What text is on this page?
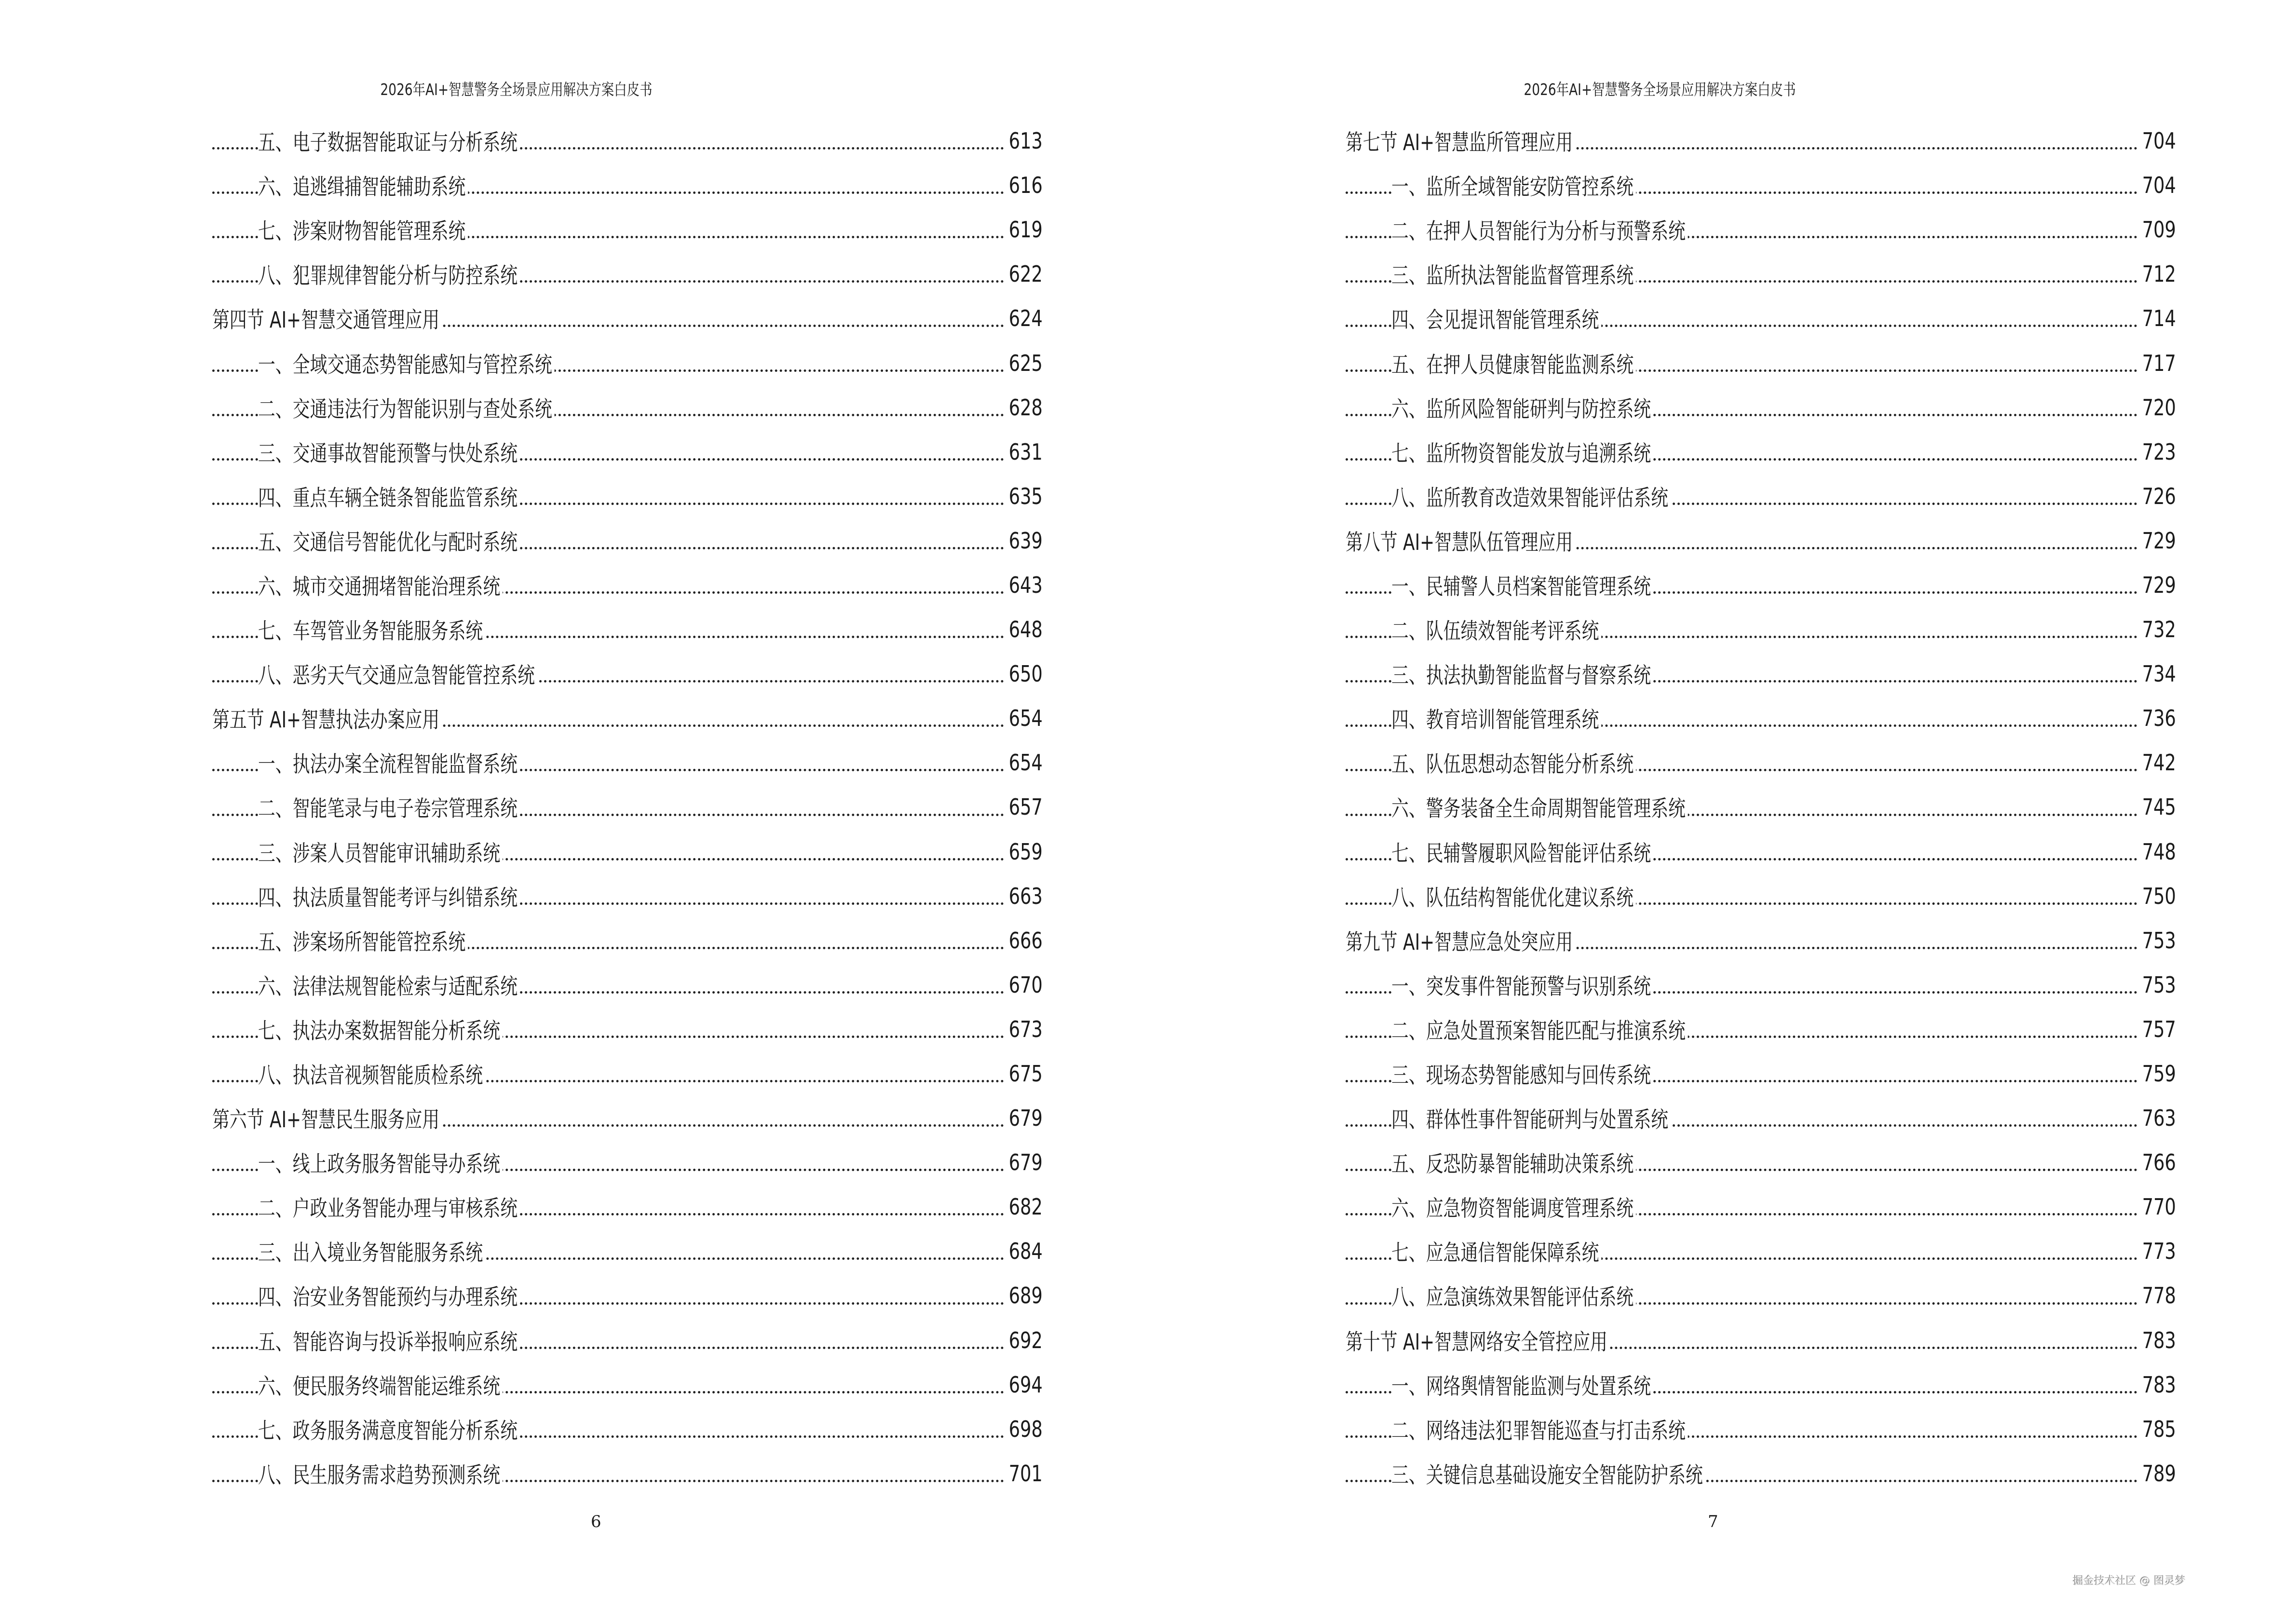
2026年AI+智慧警务全场景应用解决方案白皮书
五、电子数据智能取证与分析系统	613
六、追逃缉捕智能辅助系统	616
七、涉案财物智能管理系统	619
八、犯罪规律智能分析与防控系统	622
第四节 AI+智慧交通管理应用	624
一、全域交通态势智能感知与管控系统	625
二、交通违法行为智能识别与查处系统	628
三、交通事故智能预警与快处系统	631
四、重点车辆全链条智能监管系统	635
五、交通信号智能优化与配时系统	639
六、城市交通拥堵智能治理系统	643
七、车驾管业务智能服务系统	648
八、恶劣天气交通应急智能管控系统	650
第五节 AI+智慧执法办案应用	654
一、执法办案全流程智能监督系统	654
二、智能笔录与电子卷宗管理系统	657
三、涉案人员智能审讯辅助系统	659
四、执法质量智能考评与纠错系统	663
五、涉案场所智能管控系统	666
六、法律法规智能检索与适配系统	670
七、执法办案数据智能分析系统	673
八、执法音视频智能质检系统	675
第六节 AI+智慧民生服务应用	679
一、线上政务服务智能导办系统	679
二、户政业务智能办理与审核系统	682
三、出入境业务智能服务系统	684
四、治安业务智能预约与办理系统	689
五、智能咨询与投诉举报响应系统	692
六、便民服务终端智能运维系统	694
七、政务服务满意度智能分析系统	698
八、民生服务需求趋势预测系统	701
6
2026年AI+智慧警务全场景应用解决方案白皮书
第七节 AI+智慧监所管理应用	704
一、监所全域智能安防管控系统	704
二、在押人员智能行为分析与预警系统	709
三、监所执法智能监督管理系统	712
四、会见提讯智能管理系统	714
五、在押人员健康智能监测系统	717
六、监所风险智能研判与防控系统	720
七、监所物资智能发放与追溯系统	723
八、监所教育改造效果智能评估系统	726
第八节 AI+智慧队伍管理应用	729
一、民辅警人员档案智能管理系统	729
二、队伍绩效智能考评系统	732
三、执法执勤智能监督与督察系统	734
四、教育培训智能管理系统	736
五、队伍思想动态智能分析系统	742
六、警务装备全生命周期智能管理系统	745
七、民辅警履职风险智能评估系统	748
八、队伍结构智能优化建议系统	750
第九节 AI+智慧应急处突应用	753
一、突发事件智能预警与识别系统	753
二、应急处置预案智能匹配与推演系统	757
三、现场态势智能感知与回传系统	759
四、群体性事件智能研判与处置系统	763
五、反恐防暴智能辅助决策系统	766
六、应急物资智能调度管理系统	770
七、应急通信智能保障系统	773
八、应急演练效果智能评估系统	778
第十节 AI+智慧网络安全管控应用	783
一、网络舆情智能监测与处置系统	783
二、网络违法犯罪智能巡查与打击系统	785
三、关键信息基础设施安全智能防护系统	789
7
掘金技术社区 @ 图灵梦
